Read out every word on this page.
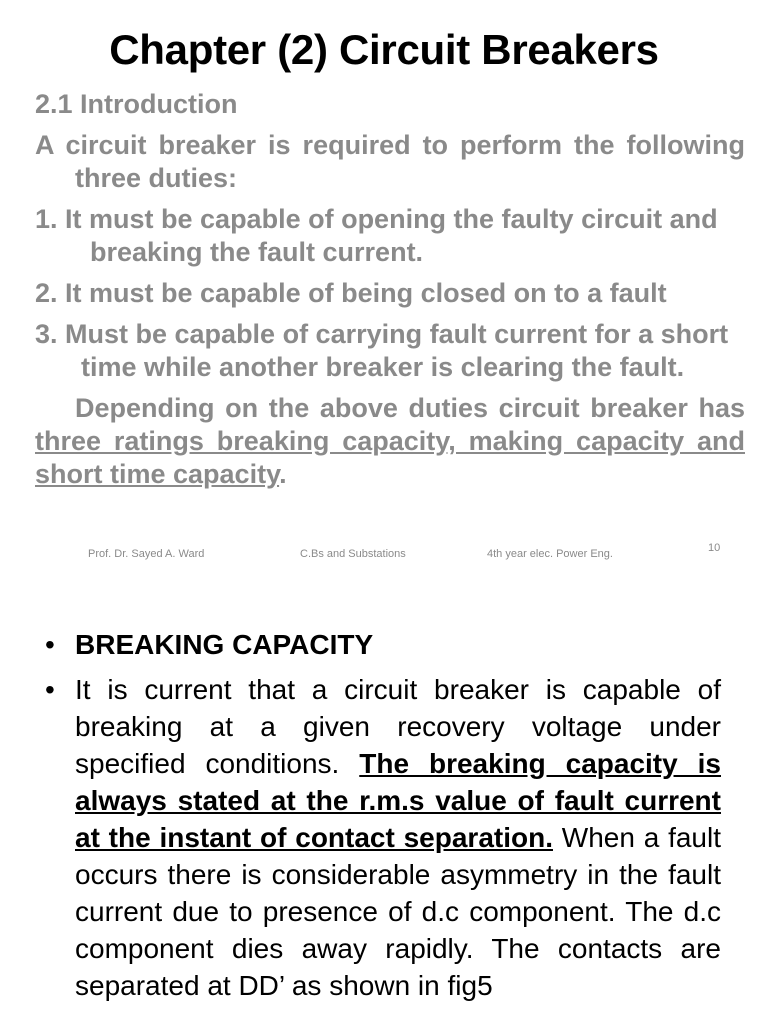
Chapter (2) Circuit Breakers
2.1 Introduction
A circuit breaker is required to perform the following three duties:
1. It must be capable of opening the faulty circuit and breaking the fault current.
2. It must be capable of being closed on to a fault
3. Must be capable of carrying fault current for a short time while another breaker is clearing the fault.
Depending on the above duties circuit breaker has three ratings breaking capacity, making capacity and short time capacity.
Prof. Dr. Sayed A. Ward	C.Bs and Substations	4th year elec. Power Eng.	10
• BREAKING CAPACITY
• It is current that a circuit breaker is capable of breaking at a given recovery voltage under specified conditions. The breaking capacity is always stated at the r.m.s value of fault current at the instant of contact separation. When a fault occurs there is considerable asymmetry in the fault current due to presence of d.c component. The d.c component dies away rapidly. The contacts are separated at DD’ as shown in fig5
